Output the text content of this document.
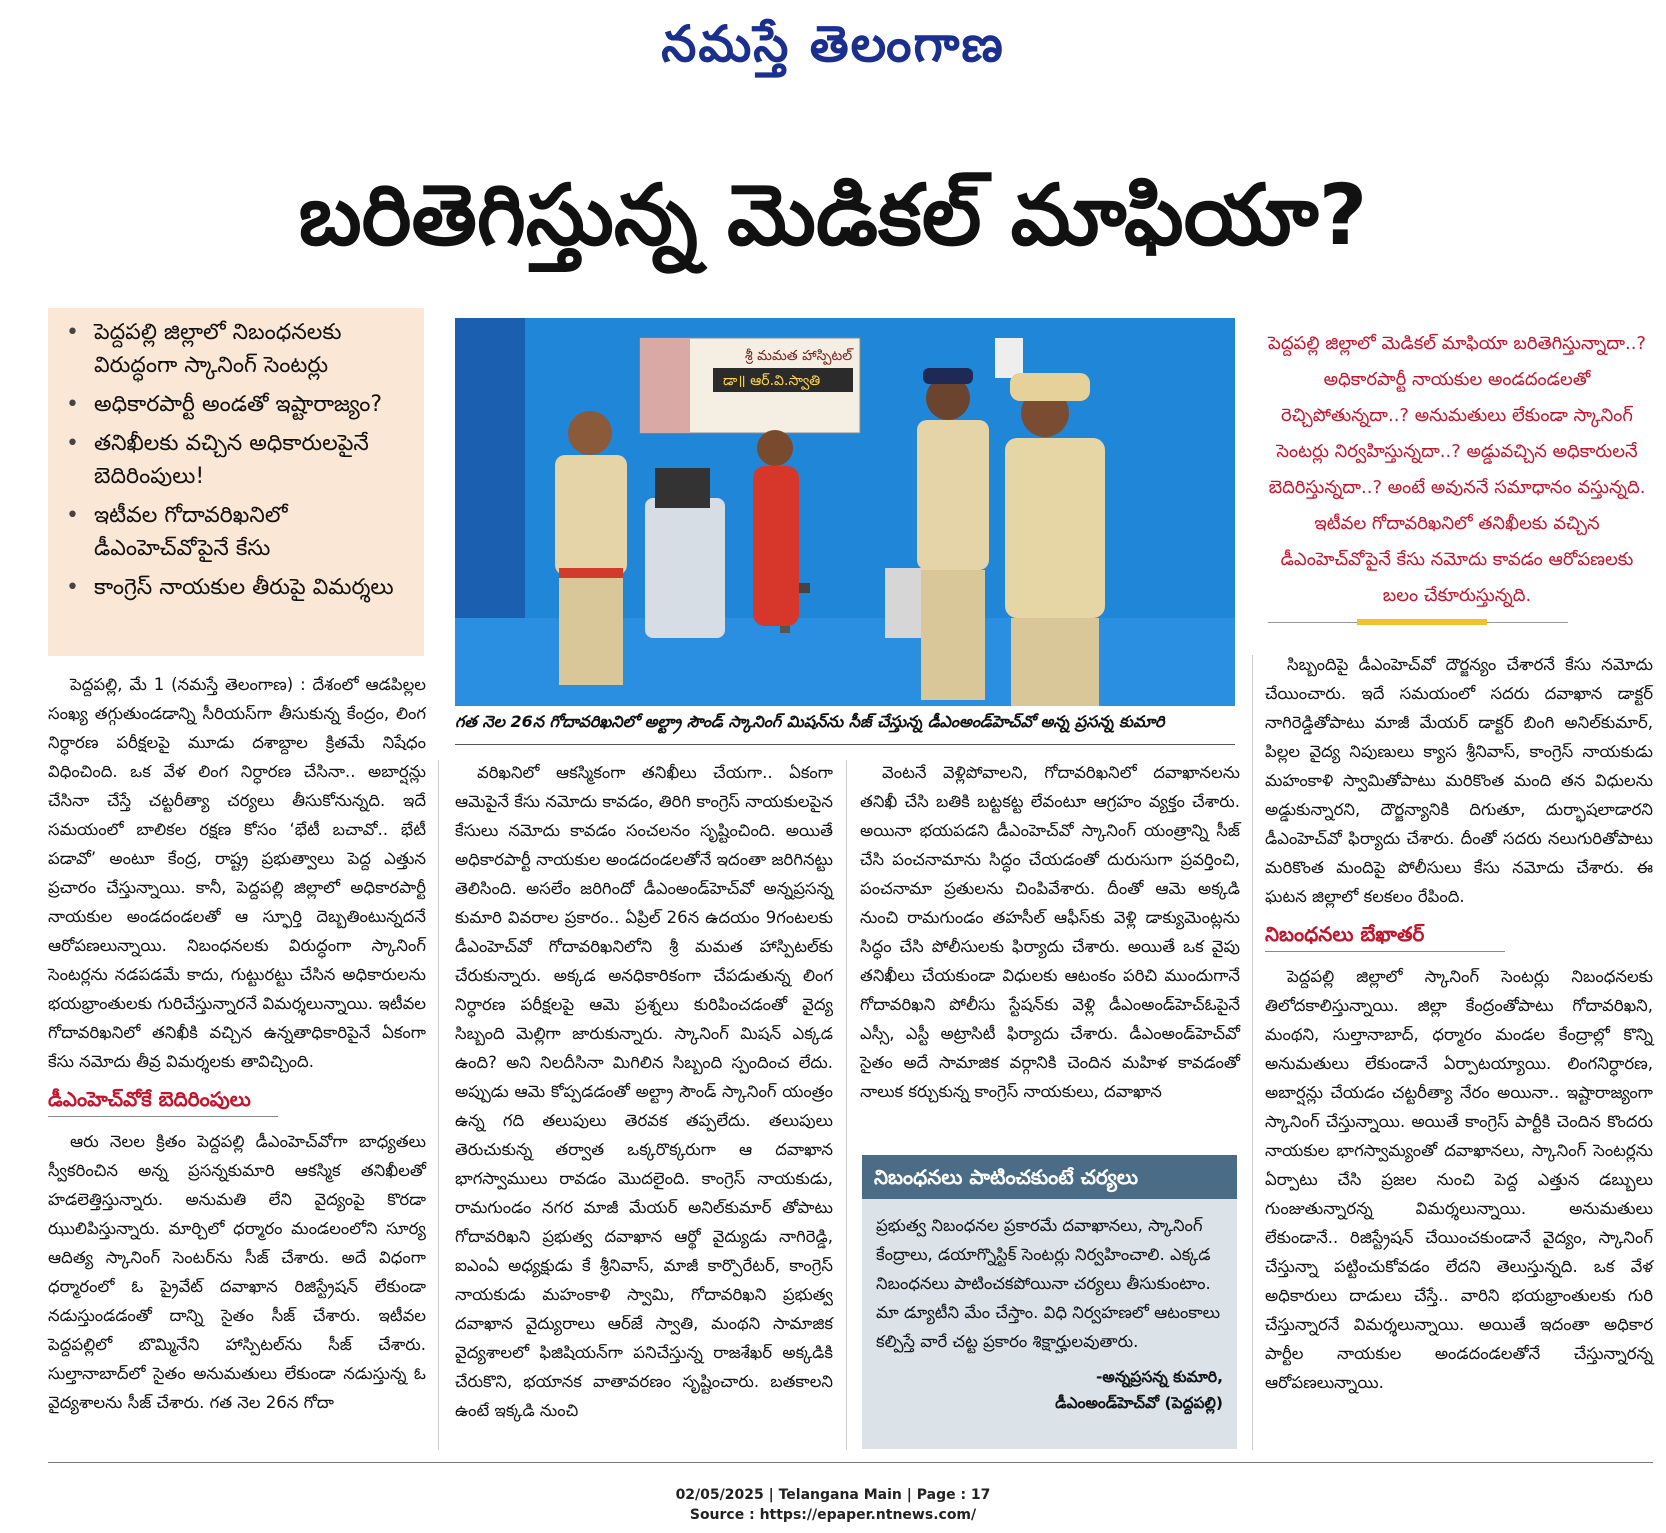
నమస్తే తెలంగాణ
బరితెగిస్తున్న మెడికల్ మాఫియా?
• పెద్దపల్లి జిల్లాలో నిబంధనలకు విరుద్ధంగా స్కానింగ్ సెంటర్లు
• అధికారపార్టీ అండతో ఇష్టారాజ్యం?
• తనిఖీలకు వచ్చిన అధికారులపైనే బెదిరింపులు!
• ఇటీవల గోదావరిఖనిలో డీఎంహెచ్‌వోపైనే కేసు
• కాంగ్రెస్ నాయకుల తీరుపై విమర్శలు
శ్రీ మమత హాస్పిటల్
డా॥ ఆర్.వి.స్వాతి
గత నెల 26న గోదావరిఖనిలో అల్ట్రా సౌండ్ స్కానింగ్ మిషన్‌ను సీజ్ చేస్తున్న డీఎంఅండ్‌హెచ్‌వో అన్న ప్రసన్న కుమారి
పెద్దపల్లి జిల్లాలో మెడికల్ మాఫియా బరితెగిస్తున్నాదా..? అధికారపార్టీ నాయకుల అండదండలతో రెచ్చిపోతున్నదా..? అనుమతులు లేకుండా స్కానింగ్ సెంటర్లు నిర్వహిస్తున్నదా..? అడ్డువచ్చిన అధికారులనే బెదిరిస్తున్నదా..? అంటే అవుననే సమాధానం వస్తున్నది. ఇటీవల గోదావరిఖనిలో తనిఖీలకు వచ్చిన డీఎంహెచ్‌వోపైనే కేసు నమోదు కావడం ఆరోపణలకు బలం చేకూరుస్తున్నది.

పెద్దపల్లి, మే 1 (నమస్తే తెలంగాణ) : దేశంలో ఆడపిల్లల సంఖ్య తగ్గుతుండడాన్ని సీరియస్‌గా తీసుకున్న కేంద్రం, లింగ నిర్ధారణ పరీక్షలపై మూడు దశాబ్దాల క్రితమే నిషేధం విధించింది. ఒక వేళ లింగ నిర్ధారణ చేసినా.. అబార్షన్లు చేసినా చేస్తే చట్టరీత్యా చర్యలు తీసుకోనున్నది. ఇదే సమయంలో బాలికల రక్షణ కోసం ‘భేటీ బచావో.. భేటీ పడావో’ అంటూ కేంద్ర, రాష్ట్ర ప్రభుత్వాలు పెద్ద ఎత్తున ప్రచారం చేస్తున్నాయి. కానీ, పెద్దపల్లి జిల్లాలో అధికారపార్టీ నాయకుల అండదండలతో ఆ స్ఫూర్తి దెబ్బతింటున్నదనే ఆరోపణలున్నాయి. నిబంధనలకు విరుద్ధంగా స్కానింగ్ సెంటర్లను నడపడమే కాదు, గుట్టురట్టు చేసిన అధికారులను భయభ్రాంతులకు గురిచేస్తున్నారనే విమర్శలున్నాయి. ఇటీవల గోదావరిఖనిలో తనిఖీకి వచ్చిన ఉన్నతాధికారిపైనే ఏకంగా కేసు నమోదు తీవ్ర విమర్శలకు తావిచ్చింది.

డీఎంహెచ్‌వోకే బెదిరింపులు

ఆరు నెలల క్రితం పెద్దపల్లి డీఎంహెచ్‌వోగా బాధ్యతలు స్వీకరించిన అన్న ప్రసన్నకుమారి ఆకస్మిక తనిఖీలతో హడలెత్తిస్తున్నారు. అనుమతి లేని వైద్యంపై కొరడా ఝులిపిస్తున్నారు. మార్చిలో ధర్మారం మండలంలోని సూర్య ఆదిత్య స్కానింగ్ సెంటర్‌ను సీజ్ చేశారు. అదే విధంగా ధర్మారంలో ఓ ప్రైవేట్ దవాఖాన రిజిస్ట్రేషన్ లేకుండా నడుస్తుండడంతో దాన్ని సైతం సీజ్ చేశారు. ఇటీవల పెద్దపల్లిలో బొమ్మినేని హాస్పిటల్‌ను సీజ్ చేశారు. సుల్తానాబాద్‌లో సైతం అనుమతులు లేకుండా నడుస్తున్న ఓ వైద్యశాలను సీజ్ చేశారు. గత నెల 26న గోదా

వరిఖనిలో ఆకస్మికంగా తనిఖీలు చేయగా.. ఏకంగా ఆమెపైనే కేసు నమోదు కావడం, తిరిగి కాంగ్రెస్ నాయకులపైన కేసులు నమోదు కావడం సంచలనం సృష్టించింది. అయితే అధికారపార్టీ నాయకుల అండదండలతోనే ఇదంతా జరిగినట్టు తెలిసింది. అసలేం జరిగిందో డీఎంఅండ్‌హెచ్‌వో అన్నప్రసన్న కుమారి వివరాల ప్రకారం.. ఏప్రిల్ 26న ఉదయం 9గంటలకు డీఎంహెచ్‌వో గోదావరిఖనిలోని శ్రీ మమత హాస్పిటల్‌కు చేరుకున్నారు. అక్కడ అనధికారికంగా చేపడుతున్న లింగ నిర్ధారణ పరీక్షలపై ఆమె ప్రశ్నలు కురిపించడంతో వైద్య సిబ్బంది మెల్లిగా జారుకున్నారు. స్కానింగ్ మిషన్ ఎక్కడ ఉంది? అని నిలదీసినా మిగిలిన సిబ్బంది స్పందించ లేదు. అప్పుడు ఆమె కోప్పడడంతో అల్ట్రా సౌండ్ స్కానింగ్ యంత్రం ఉన్న గది తలుపులు తెరవక తప్పలేదు. తలుపులు తెరుచుకున్న తర్వాత ఒక్కరొక్కరుగా ఆ దవాఖాన భాగస్వాములు రావడం మొదలైంది. కాంగ్రెస్ నాయకుడు, రామగుండం నగర మాజీ మేయర్ అనిల్‌కుమార్ తోపాటు గోదావరిఖని ప్రభుత్వ దవాఖాన ఆర్థో వైద్యుడు నాగిరెడ్డి, ఐఎంఏ అధ్యక్షుడు కే శ్రీనివాస్, మాజీ కార్పొరేటర్, కాంగ్రెస్ నాయకుడు మహంకాళి స్వామి, గోదావరిఖని ప్రభుత్వ దవాఖాన వైద్యురాలు ఆర్‌జే స్వాతి, మంథని సామాజిక వైద్యశాలలో ఫిజిషియన్‌గా పనిచేస్తున్న రాజశేఖర్ అక్కడికి చేరుకొని, భయానక వాతావరణం సృష్టించారు. బతకాలని ఉంటే ఇక్కడి నుంచి

వెంటనే వెళ్లిపోవాలని, గోదావరిఖనిలో దవాఖానలను తనిఖీ చేసి బతికి బట్టకట్ట లేవంటూ ఆగ్రహం వ్యక్తం చేశారు. అయినా భయపడని డీఎంహెచ్‌వో స్కానింగ్ యంత్రాన్ని సీజ్ చేసి పంచనామాను సిద్ధం చేయడంతో దురుసుగా ప్రవర్తించి, పంచనామా ప్రతులను చింపివేశారు. దీంతో ఆమె అక్కడి నుంచి రామగుండం తహసీల్ ఆఫీస్‌కు వెళ్లి డాక్యుమెంట్లను సిద్ధం చేసి పోలీసులకు ఫిర్యాదు చేశారు. అయితే ఒక వైపు తనిఖీలు చేయకుండా విధులకు ఆటంకం పరిచి ముందుగానే గోదావరిఖని పోలీసు స్టేషన్‌కు వెళ్లి డీఎంఅండ్‌హెచ్‌ఓపైనే ఎస్సీ, ఎస్టీ అట్రాసిటీ ఫిర్యాదు చేశారు. డీఎంఅండ్‌హెచ్‌వో సైతం అదే సామాజిక వర్గానికి చెందిన మహిళ కావడంతో నాలుక కర్చుకున్న కాంగ్రెస్ నాయకులు, దవాఖాన

నిబంధనలు పాటించకుంటే చర్యలు
ప్రభుత్వ నిబంధనల ప్రకారమే దవాఖానలు, స్కానింగ్ కేంద్రాలు, డయాగ్నొస్టిక్ సెంటర్లు నిర్వహించాలి. ఎక్కడ నిబంధనలు పాటించకపోయినా చర్యలు తీసుకుంటాం. మా డ్యూటీని మేం చేస్తాం. విధి నిర్వహణలో ఆటంకాలు కల్పిస్తే వారే చట్ట ప్రకారం శిక్షార్హులవుతారు.
-అన్నప్రసన్న కుమారి,
డీఎంఅండ్‌హెచ్‌వో (పెద్దపల్లి)

సిబ్బందిపై డీఎంహెచ్‌వో దౌర్జన్యం చేశారనే కేసు నమోదు చేయించారు. ఇదే సమయంలో సదరు దవాఖాన డాక్టర్ నాగిరెడ్డితోపాటు మాజీ మేయర్ డాక్టర్ బింగి అనిల్‌కుమార్, పిల్లల వైద్య నిపుణులు క్యాస శ్రీనివాస్, కాంగ్రెస్ నాయకుడు మహంకాళి స్వామితోపాటు మరికొంత మంది తన విధులను అడ్డుకున్నారని, దౌర్జన్యానికి దిగుతూ, దుర్భాషలాడారని డీఎంహెచ్‌వో ఫిర్యాదు చేశారు. దీంతో సదరు నలుగురితోపాటు మరికొంత మందిపై పోలీసులు కేసు నమోదు చేశారు. ఈ ఘటన జిల్లాలో కలకలం రేపింది.

నిబంధనలు బేఖాతర్

పెద్దపల్లి జిల్లాలో స్కానింగ్ సెంటర్లు నిబంధనలకు తిలోదకాలిస్తున్నాయి. జిల్లా కేంద్రంతోపాటు గోదావరిఖని, మంథని, సుల్తానాబాద్, ధర్మారం మండల కేంద్రాల్లో కొన్ని అనుమతులు లేకుండానే ఏర్పాటయ్యాయి. లింగనిర్ధారణ, అబార్షన్లు చేయడం చట్టరీత్యా నేరం అయినా.. ఇష్టారాజ్యంగా స్కానింగ్ చేస్తున్నాయి. అయితే కాంగ్రెస్ పార్టీకి చెందిన కొందరు నాయకుల భాగస్వామ్యంతో దవాఖానలు, స్కానింగ్ సెంటర్లను ఏర్పాటు చేసి ప్రజల నుంచి పెద్ద ఎత్తున డబ్బులు గుంజుతున్నారన్న విమర్శలున్నాయి. అనుమతులు లేకుండానే.. రిజిస్ట్రేషన్ చేయించకుండానే వైద్యం, స్కానింగ్ చేస్తున్నా పట్టించుకోవడం లేదని తెలుస్తున్నది. ఒక వేళ అధికారులు దాడులు చేస్తే.. వారిని భయభ్రాంతులకు గురి చేస్తున్నారనే విమర్శలున్నాయి. అయితే ఇదంతా అధికార పార్టీల నాయకుల అండదండలతోనే చేస్తున్నారన్న ఆరోపణలున్నాయి.

02/05/2025 | Telangana Main | Page : 17
Source : https://epaper.ntnews.com/
